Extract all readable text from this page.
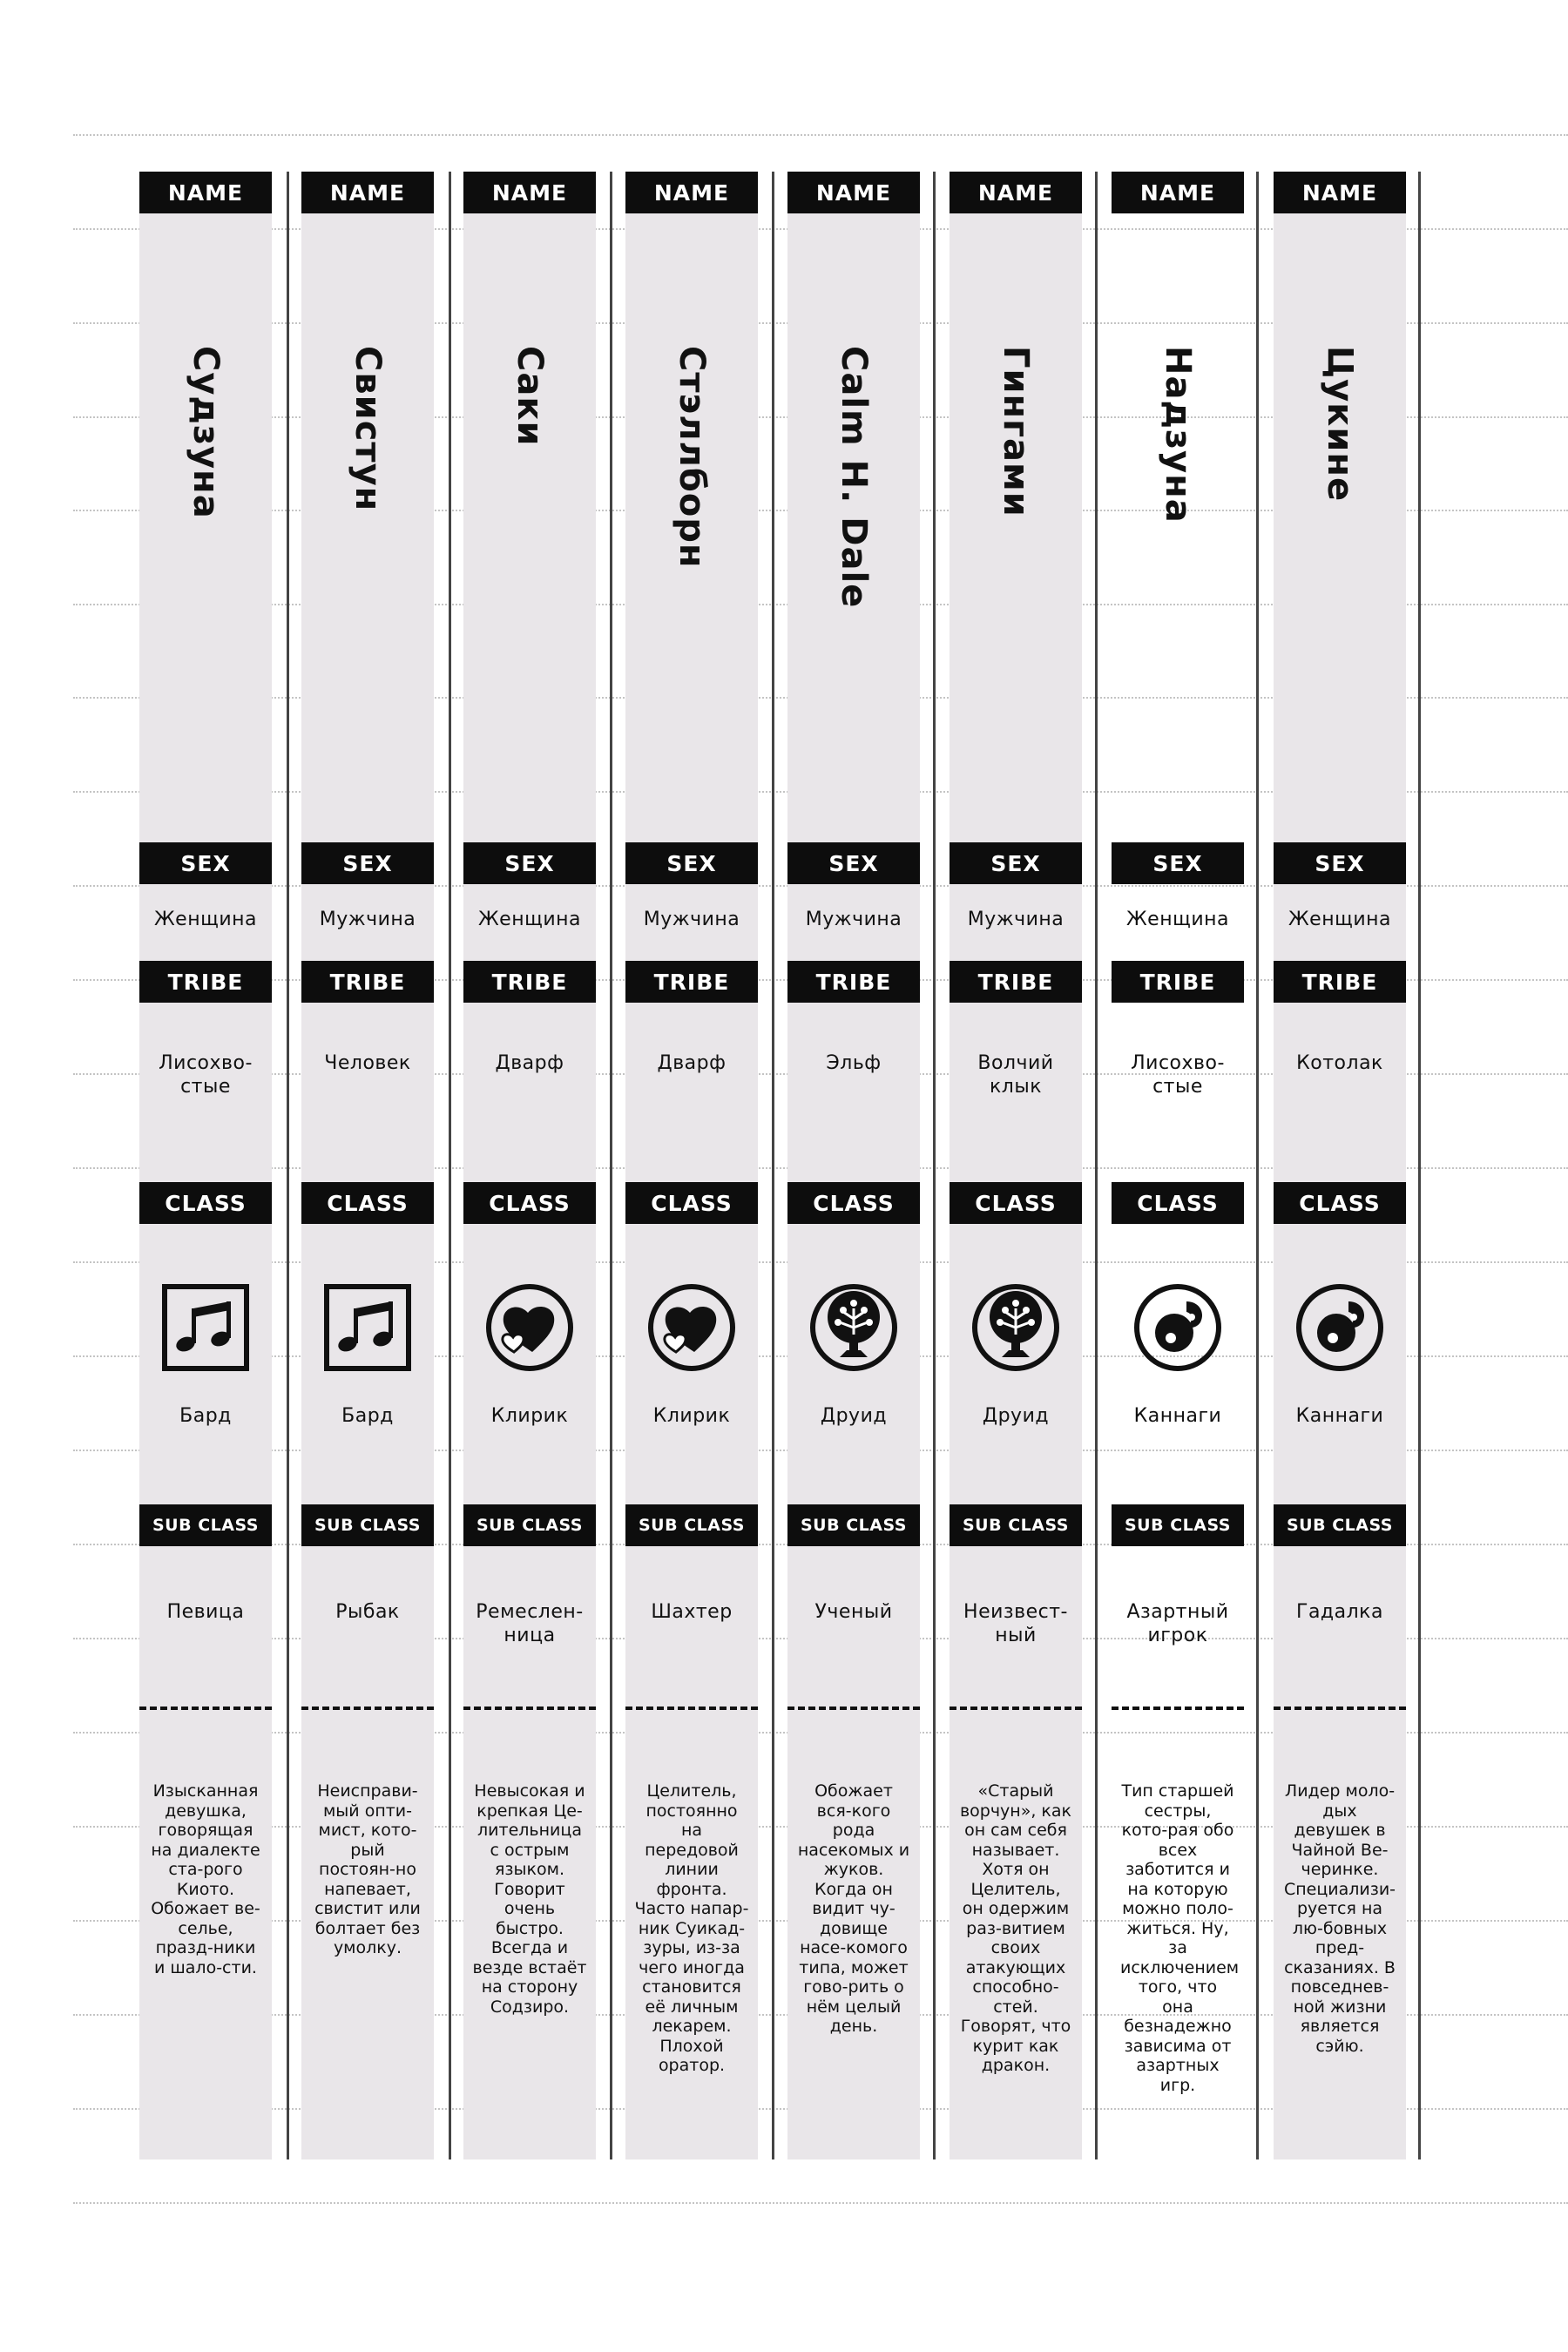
NAME
Судзуна
SEX
Женщина
TRIBE
Лисохво-
стые
CLASS
Бард
SUB CLASS
Певица
Изысканная девушка, говорящая на диалекте ста-рого Киото. Обожает ве-селье, празд-ники и шало-сти.
NAME
Свистун
SEX
Мужчина
TRIBE
Человек
CLASS
Бард
SUB CLASS
Рыбак
Неисправи-мый опти-мист, кото-рый постоян-но напевает, свистит или болтает без умолку.
NAME
Саки
SEX
Женщина
TRIBE
Дварф
CLASS
Клирик
SUB CLASS
Ремеслен-
ница
Невысокая и крепкая Це-лительница с острым языком. Говорит очень быстро. Всегда и везде встаёт на сторону Содзиро.
NAME
Стэллборн
SEX
Мужчина
TRIBE
Дварф
CLASS
Клирик
SUB CLASS
Шахтер
Целитель, постоянно на передовой линии фронта. Часто напар-ник Суикад-зуры, из-за чего иногда становится её личным лекарем. Плохой оратор.
NAME
Calm H. Dale
SEX
Мужчина
TRIBE
Эльф
CLASS
Друид
SUB CLASS
Ученый
Обожает вся-кого рода насекомых и жуков. Когда он видит чу-довище насе-комого типа, может гово-рить о нём целый день.
NAME
Гингами
SEX
Мужчина
TRIBE
Волчий
клык
CLASS
Друид
SUB CLASS
Неизвест-
ный
«Старый ворчун», как он сам себя называет. Хотя он Целитель, он одержим раз-витием своих атакующих способно-стей. Говорят, что курит как дракон.
NAME
Надзуна
SEX
Женщина
TRIBE
Лисохво-
стые
CLASS
Каннаги
SUB CLASS
Азартный
игрок
Тип старшей сестры, кото-рая обо всех заботится и на которую можно поло-житься. Ну, за исключением того, что она безнадежно зависима от азартных игр.
NAME
Цукине
SEX
Женщина
TRIBE
Котолак
CLASS
Каннаги
SUB CLASS
Гадалка
Лидер моло-дых девушек в Чайной Ве-черинке. Специализи-руется на лю-бовных пред-сказаниях. В повседнев-ной жизни является сэйю.
